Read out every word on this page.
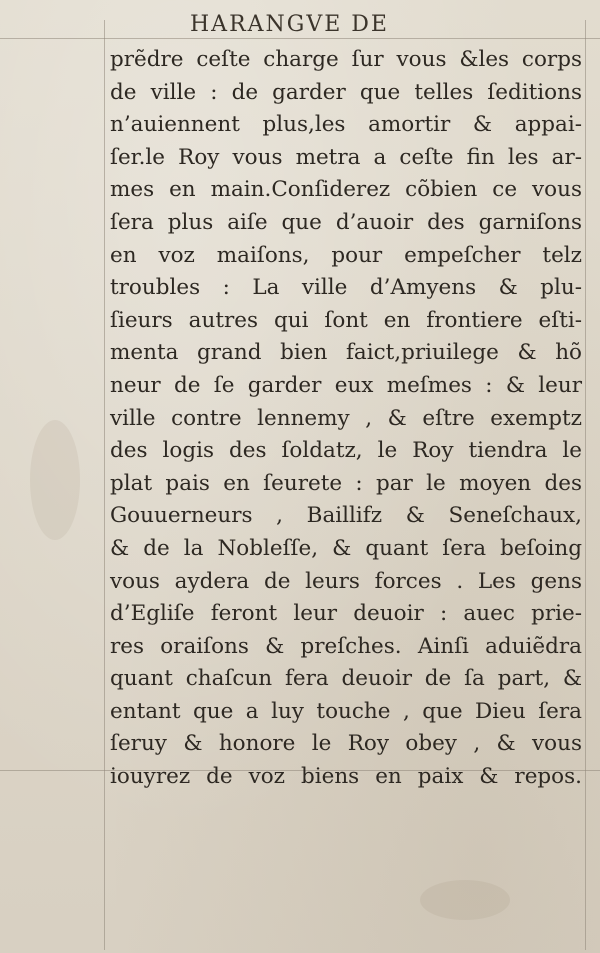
HARANGVE DE
prẽdre ceſte charge ſur vous &les corps
de ville : de garder que telles ſeditions
n’auiennent plus,les amortir & appai-
ſer.le Roy vous metra a ceſte fin les ar-
mes en main.Conſiderez cõbien ce vous
ſera plus aiſe que d’auoir des garniſons
en voz maiſons, pour empeſcher telz
troubles : La ville d’Amyens & plu-
ſieurs autres qui ſont en frontiere eſti-
menta grand bien faict,priuilege & hõ
neur de ſe garder eux meſmes : & leur
ville contre lennemy , & eſtre exemptz
des logis des ſoldatz, le Roy tiendra le
plat pais en ſeurete : par le moyen des
Gouuerneurs , Baillifz & Seneſchaux,
& de la Nobleſſe, & quant ſera beſoing
vous aydera de leurs forces . Les gens
d’Egliſe feront leur deuoir : auec prie-
res oraiſons & preſches. Ainſi aduiẽdra
quant chaſcun fera deuoir de ſa part, &
entant que a luy touche , que Dieu ſera
ſeruy & honore le Roy obey , & vous
iouyrez de voz biens en paix & repos.
